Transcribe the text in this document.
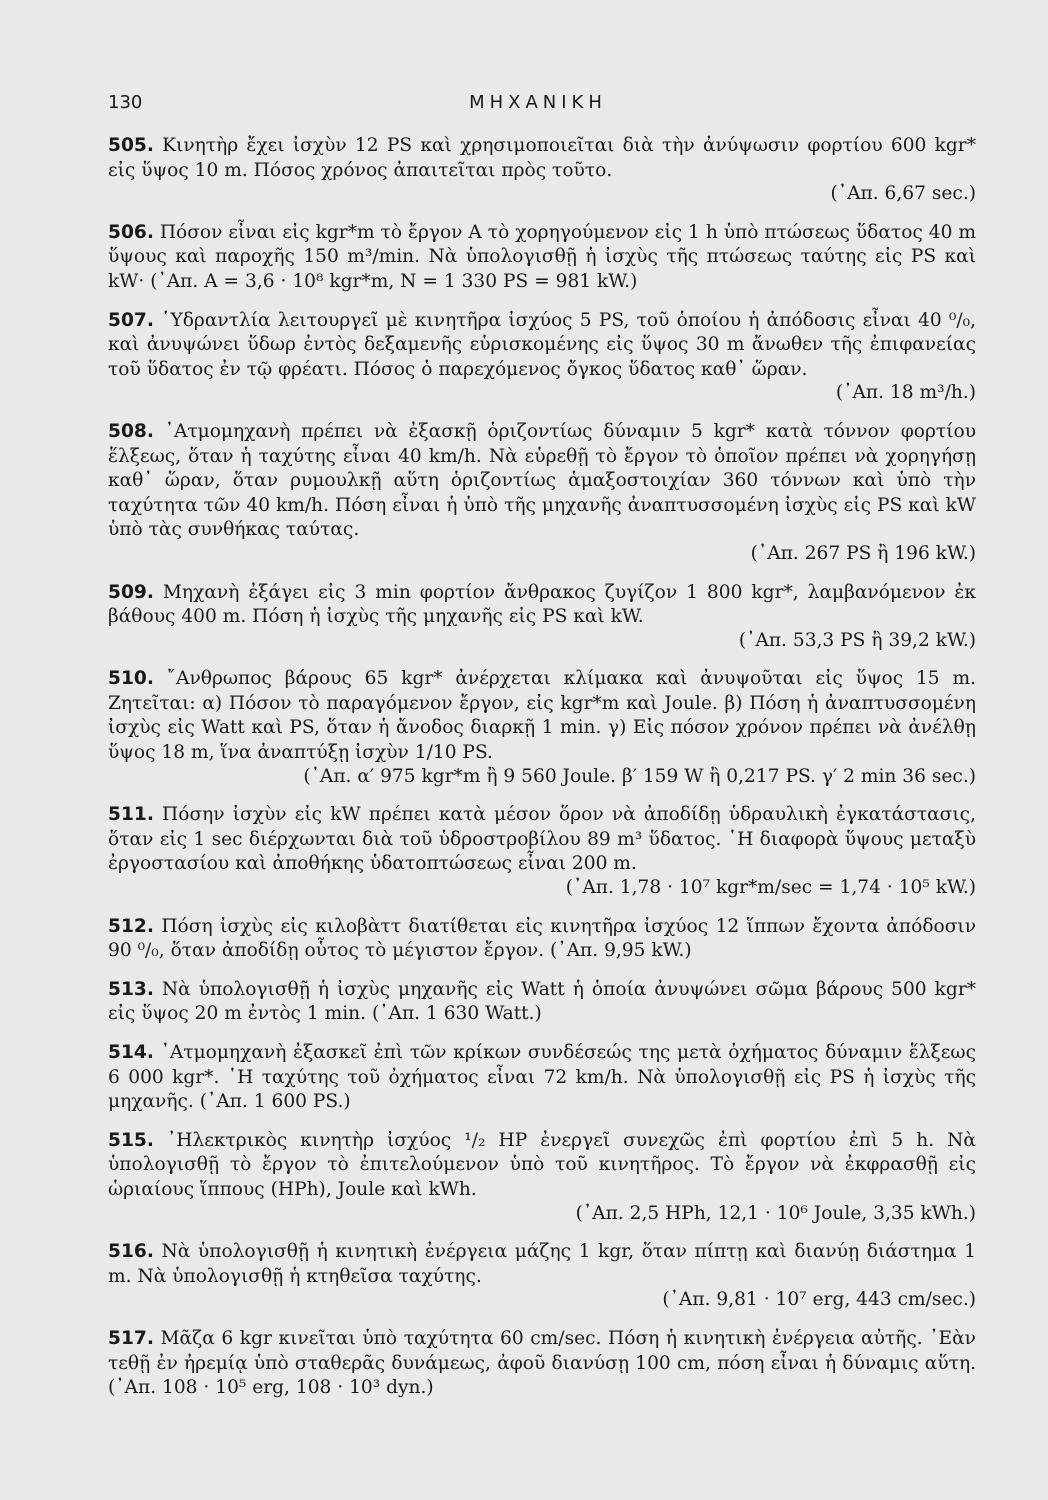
130	ΜΗΧΑΝΙΚΗ
505. Κινητὴρ ἔχει ἰσχὺν 12 PS καὶ χρησιμοποιεῖται διὰ τὴν ἀνύψωσιν φορτίου 600 kgr* εἰς ὕψος 10 m. Πόσος χρόνος ἀπαιτεῖται πρὸς τοῦτο.
(᾿Απ. 6,67 sec.)
506. Πόσον εἶναι εἰς kgr*m τὸ ἔργον Α τὸ χορηγούμενον εἰς 1 h ὑπὸ πτώσεως ὕδατος 40 m ὕψους καὶ παροχῆς 150 m³/min. Νὰ ὑπολογισθῇ ἡ ἰσχὺς τῆς πτώσεως ταύτης εἰς PS καὶ kW· (᾿Απ. A = 3,6 · 10⁸ kgr*m, N = 1 330 PS = 981 kW.)
507. ῾Υδραντλία λειτουργεῖ μὲ κινητῆρα ἰσχύος 5 PS, τοῦ ὁποίου ἡ ἀπόδοσις εἶναι 40 ⁰/₀, καὶ ἀνυψώνει ὕδωρ ἐντὸς δεξαμενῆς εὑρισκομένης εἰς ὕψος 30 m ἄνωθεν τῆς ἐπιφανείας τοῦ ὕδατος ἐν τῷ φρέατι. Πόσος ὁ παρεχόμενος ὄγκος ὕδατος καθ᾿ ὥραν.
(᾿Απ. 18 m³/h.)
508. ᾿Ατμομηχανὴ πρέπει νὰ ἐξασκῇ ὁριζοντίως δύναμιν 5 kgr* κατὰ τόννον φορτίου ἕλξεως, ὅταν ἡ ταχύτης εἶναι 40 km/h. Νὰ εὑρεθῇ τὸ ἔργον τὸ ὁποῖον πρέπει νὰ χορηγήσῃ καθ᾿ ὥραν, ὅταν ρυμουλκῇ αὕτη ὁριζοντίως ἁμαξοστοιχίαν 360 τόννων καὶ ὑπὸ τὴν ταχύτητα τῶν 40 km/h. Πόση εἶναι ἡ ὑπὸ τῆς μηχανῆς ἀναπτυσσομένη ἰσχὺς εἰς PS καὶ kW ὑπὸ τὰς συνθήκας ταύτας.
(᾿Απ. 267 PS ἢ 196 kW.)
509. Μηχανὴ ἐξάγει εἰς 3 min φορτίον ἄνθρακος ζυγίζον 1 800 kgr*, λαμβανόμενον ἐκ βάθους 400 m. Πόση ἡ ἰσχὺς τῆς μηχανῆς εἰς PS καὶ kW.
(᾿Απ. 53,3 PS ἢ 39,2 kW.)
510. ῎Ανθρωπος βάρους 65 kgr* ἀνέρχεται κλίμακα καὶ ἀνυψοῦται εἰς ὕψος 15 m. Ζητεῖται: α) Πόσον τὸ παραγόμενον ἔργον, εἰς kgr*m καὶ Joule. β) Πόση ἡ ἀναπτυσσομένη ἰσχὺς εἰς Watt καὶ PS, ὅταν ἡ ἄνοδος διαρκῇ 1 min. γ) Εἰς πόσον χρόνον πρέπει νὰ ἀνέλθῃ ὕψος 18 m, ἵνα ἀναπτύξῃ ἰσχὺν 1/10 PS.
(᾿Απ. α′ 975 kgr*m ἢ 9 560 Joule. β′ 159 W ἢ 0,217 PS. γ′ 2 min 36 sec.)
511. Πόσην ἰσχὺν εἰς kW πρέπει κατὰ μέσον ὅρον νὰ ἀποδίδῃ ὑδραυλικὴ ἐγκατάστασις, ὅταν εἰς 1 sec διέρχωνται διὰ τοῦ ὑδροστροβίλου 89 m³ ὕδατος. ῾Η διαφορὰ ὕψους μεταξὺ ἐργοστασίου καὶ ἀποθήκης ὑδατοπτώσεως εἶναι 200 m.
(᾿Απ. 1,78 · 10⁷ kgr*m/sec = 1,74 · 10⁵ kW.)
512. Πόση ἰσχὺς εἰς κιλοβὰττ διατίθεται εἰς κινητῆρα ἰσχύος 12 ἵππων ἔχοντα ἀπόδοσιν 90 ⁰/₀, ὅταν ἀποδίδῃ οὗτος τὸ μέγιστον ἔργον. (᾿Απ. 9,95 kW.)
513. Νὰ ὑπολογισθῇ ἡ ἰσχὺς μηχανῆς εἰς Watt ἡ ὁποία ἀνυψώνει σῶμα βάρους 500 kgr* εἰς ὕψος 20 m ἐντὸς 1 min. (᾿Απ. 1 630 Watt.)
514. ᾿Ατμομηχανὴ ἐξασκεῖ ἐπὶ τῶν κρίκων συνδέσεώς της μετὰ ὀχήματος δύναμιν ἕλξεως 6 000 kgr*. ῾Η ταχύτης τοῦ ὀχήματος εἶναι 72 km/h. Νὰ ὑπολογισθῇ εἰς PS ἡ ἰσχὺς τῆς μηχανῆς. (᾿Απ. 1 600 PS.)
515. ᾿Ηλεκτρικὸς κινητὴρ ἰσχύος ¹/₂ HP ἐνεργεῖ συνεχῶς ἐπὶ φορτίου ἐπὶ 5 h. Νὰ ὑπολογισθῇ τὸ ἔργον τὸ ἐπιτελούμενον ὑπὸ τοῦ κινητῆρος. Τὸ ἔργον νὰ ἐκφρασθῇ εἰς ὡριαίους ἵππους (HPh), Joule καὶ kWh.
(᾿Απ. 2,5 HPh, 12,1 · 10⁶ Joule, 3,35 kWh.)
516. Νὰ ὑπολογισθῇ ἡ κινητικὴ ἐνέργεια μάζης 1 kgr, ὅταν πίπτῃ καὶ διανύῃ διάστημα 1 m. Νὰ ὑπολογισθῇ ἡ κτηθεῖσα ταχύτης.
(᾿Απ. 9,81 · 10⁷ erg, 443 cm/sec.)
517. Μᾶζα 6 kgr κινεῖται ὑπὸ ταχύτητα 60 cm/sec. Πόση ἡ κινητικὴ ἐνέργεια αὐτῆς. ᾿Εὰν τεθῇ ἐν ἠρεμίᾳ ὑπὸ σταθερᾶς δυνάμεως, ἀφοῦ διανύσῃ 100 cm, πόση εἶναι ἡ δύναμις αὕτη. (᾿Απ. 108 · 10⁵ erg, 108 · 10³ dyn.)
